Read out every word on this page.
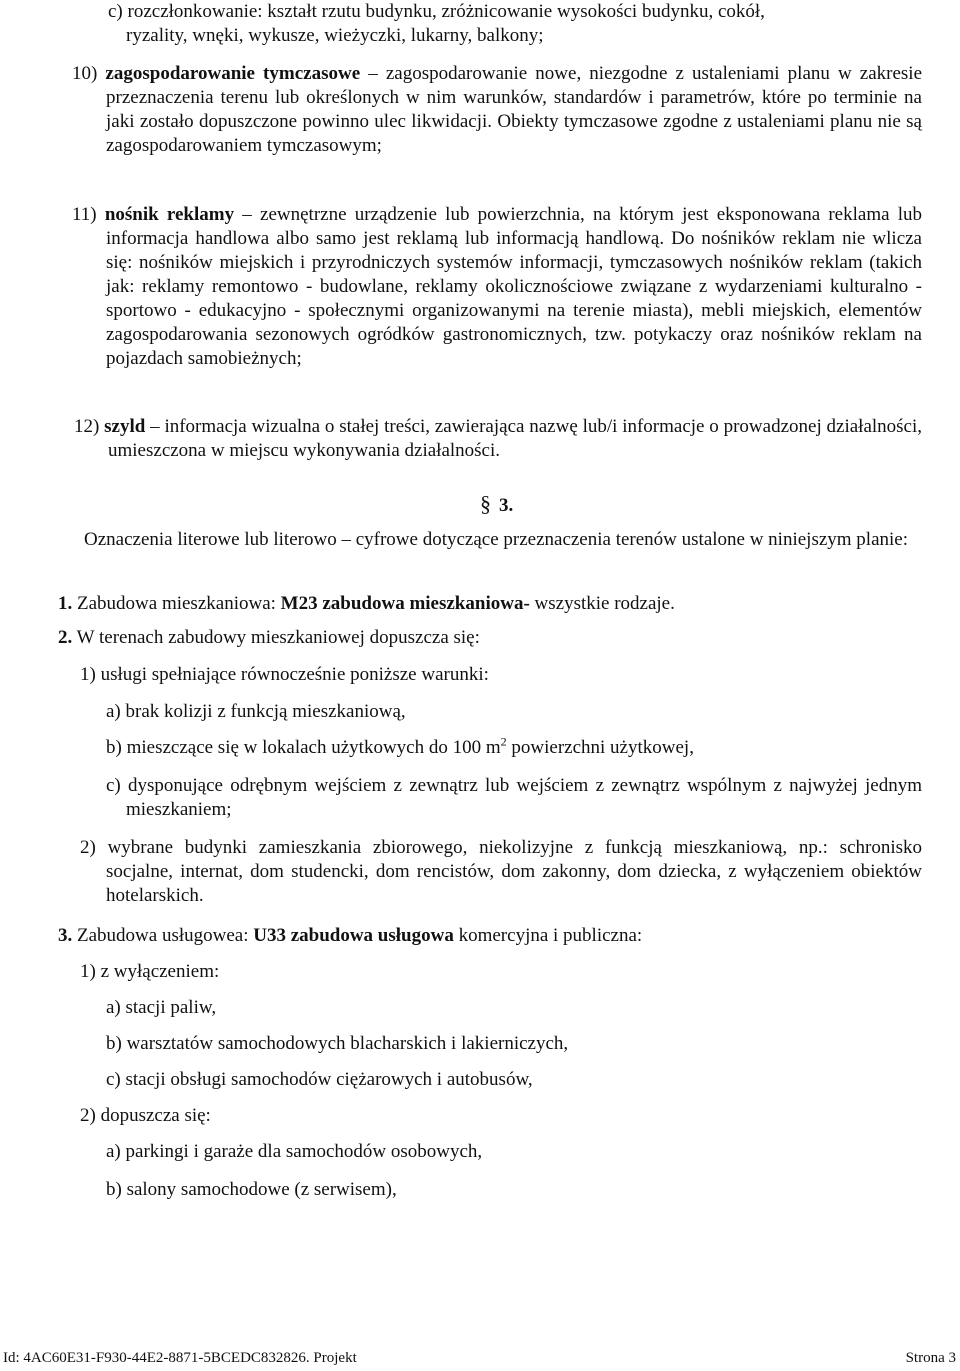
c) rozczłonkowanie: kształt rzutu budynku, zróżnicowanie wysokości budynku, cokół,

ryzality, wnęki, wykusze, wieżyczki, lukarny, balkony;

10) zagospodarowanie tymczasowe – zagospodarowanie nowe, niezgodne z ustaleniami planu w zakresie przeznaczenia terenu lub określonych w nim warunków, standardów i parametrów, które po terminie na jaki zostało dopuszczone powinno ulec likwidacji. Obiekty tymczasowe zgodne z ustaleniami planu nie są zagospodarowaniem tymczasowym;

11) nośnik reklamy – zewnętrzne urządzenie lub powierzchnia, na którym jest eksponowana reklama lub informacja handlowa albo samo jest reklamą lub informacją handlową. Do nośników reklam nie wlicza się: nośników miejskich i przyrodniczych systemów informacji, tymczasowych nośników reklam (takich jak: reklamy remontowo - budowlane, reklamy okolicznościowe związane z wydarzeniami kulturalno - sportowo - edukacyjno - społecznymi organizowanymi na terenie miasta), mebli miejskich, elementów zagospodarowania sezonowych ogródków gastronomicznych, tzw. potykaczy oraz nośników reklam na pojazdach samobieżnych;

12) szyld – informacja wizualna o stałej treści, zawierająca nazwę lub/i informacje o prowadzonej działalności, umieszczona w miejscu wykonywania działalności.

§ 3.

Oznaczenia literowe lub literowo – cyfrowe dotyczące przeznaczenia terenów ustalone w niniejszym planie:

1. Zabudowa mieszkaniowa: M23 zabudowa mieszkaniowa- wszystkie rodzaje.

2. W terenach zabudowy mieszkaniowej dopuszcza się:

1) usługi spełniające równocześnie poniższe warunki:

a) brak kolizji z funkcją mieszkaniową,

b) mieszczące się w lokalach użytkowych do 100 $m^2$ powierzchni użytkowej,

c) dysponujące odrębnym wejściem z zewnątrz lub wejściem z zewnątrz wspólnym z najwyżej jednym mieszkaniem;

2) wybrane budynki zamieszkania zbiorowego, niekolizyjne z funkcją mieszkaniową, np.: schronisko socjalne, internat, dom studencki, dom rencistów, dom zakonny, dom dziecka, z wyłączeniem obiektów hotelarskich.

3. Zabudowa usługowea: U33 zabudowa usługowa komercyjna i publiczna:

1) z wyłączeniem:

a) stacji paliw,

b) warsztatów samochodowych blacharskich i lakierniczych,

c) stacji obsługi samochodów ciężarowych i autobusów,

2) dopuszcza się:

a) parkingi i garaże dla samochodów osobowych,

b) salony samochodowe (z serwisem),

Id: 4AC60E31-F930-44E2-8871-5BCEDC832826. Projekt	Strona 3
